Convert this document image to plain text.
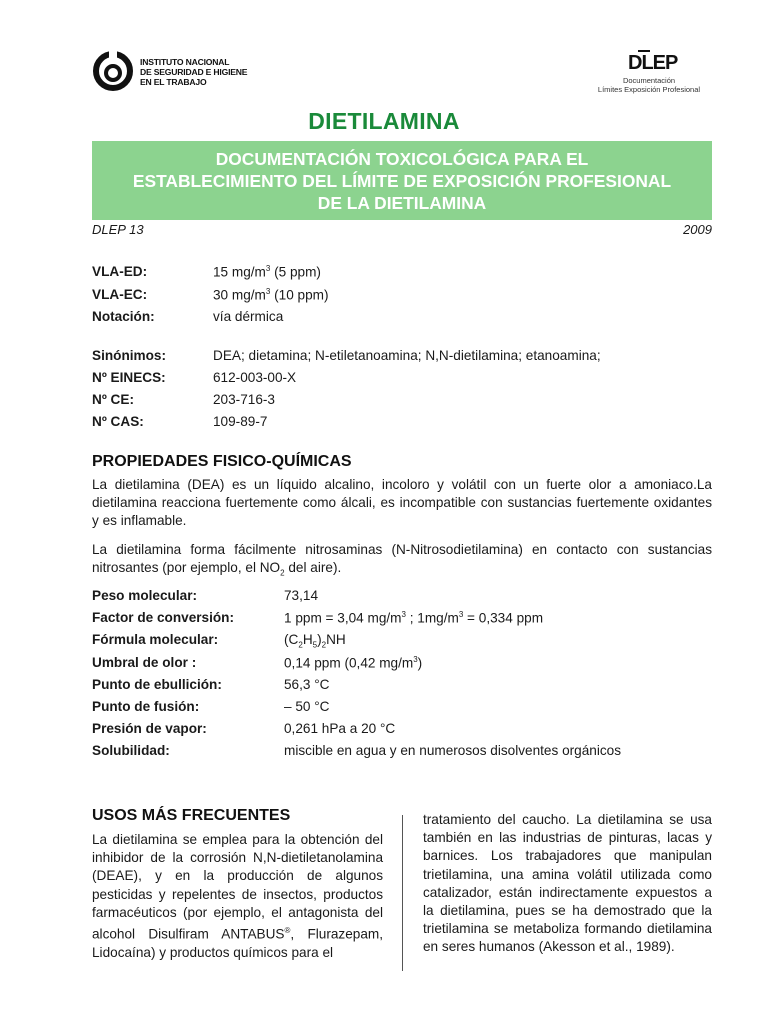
INSTITUTO NACIONAL
DE SEGURIDAD E HIGIENE
EN EL TRABAJO
DLEP
Documentación
Límites Exposición Profesional
DIETILAMINA
DOCUMENTACIÓN TOXICOLÓGICA PARA EL
ESTABLECIMIENTO DEL LÍMITE DE EXPOSICIÓN PROFESIONAL
DE LA DIETILAMINA
DLEP 13	2009
VLA-ED:	15 $mg/m^3$ (5 ppm)
VLA-EC:	30 $mg/m^3$ (10 ppm)
Notación:	vía dérmica
Sinónimos:	DEA; dietamina; N-etiletanoamina; N,N-dietilamina; etanoamina;
Nº EINECS:	612-003-00-X
Nº CE:	203-716-3
Nº CAS:	109-89-7
PROPIEDADES FISICO-QUÍMICAS
La dietilamina (DEA) es un líquido alcalino, incoloro y volátil con un fuerte olor a amoniaco.La dietilamina reacciona fuertemente como álcali, es incompatible con sustancias fuertemente oxidantes y es inflamable.
La dietilamina forma fácilmente nitrosaminas (N-Nitrosodietilamina) en contacto con sustancias nitrosantes (por ejemplo, el $NO_2$ del aire).
Peso molecular:	73,14
Factor de conversión:	1 ppm = 3,04 $mg/m^3$ ; $1mg/m^3 = 0,334$ ppm
Fórmula molecular:	$(C_2H_5)_2NH$
Umbral de olor :	0,14 ppm (0,42 $mg/m^3$)
Punto de ebullición:	56,3 °C
Punto de fusión:	– 50 °C
Presión de vapor:	0,261 hPa a 20 °C
Solubilidad:	miscible en agua y en numerosos disolventes orgánicos
USOS MÁS FRECUENTES
La dietilamina se emplea para la obtención del inhibidor de la corrosión N,N-dietiletanolamina (DEAE), y en la producción de algunos pesticidas y repelentes de insectos, productos farmacéuticos (por ejemplo, el antagonista del alcohol Disulfiram ANTABUS®, Flurazepam, Lidocaína) y productos químicos para el
tratamiento del caucho. La dietilamina se usa también en las industrias de pinturas, lacas y barnices. Los trabajadores que manipulan trietilamina, una amina volátil utilizada como catalizador, están indirectamente expuestos a la dietilamina, pues se ha demostrado que la trietilamina se metaboliza formando dietilamina en seres humanos (Akesson et al., 1989).
